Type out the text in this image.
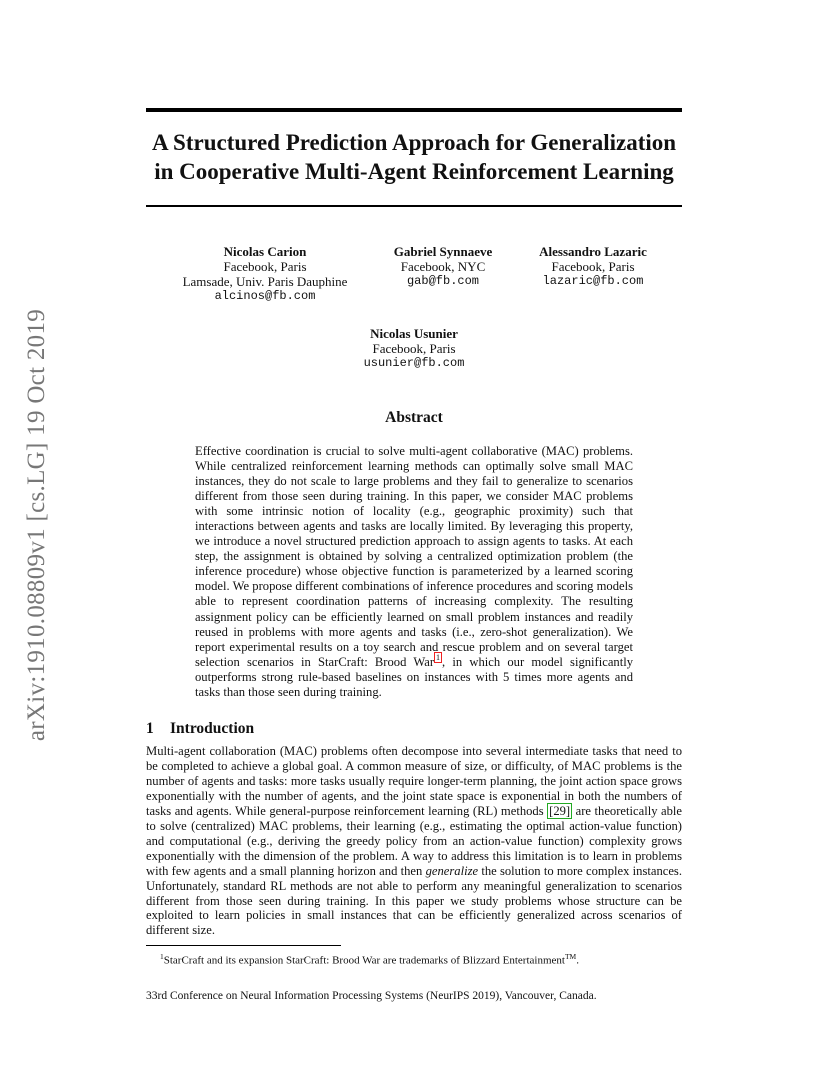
arXiv:1910.08809v1 [cs.LG] 19 Oct 2019
A Structured Prediction Approach for Generalization
in Cooperative Multi-Agent Reinforcement Learning
Nicolas Carion
Facebook, Paris
Lamsade, Univ. Paris Dauphine
alcinos@fb.com
Gabriel Synnaeve
Facebook, NYC
gab@fb.com
Alessandro Lazaric
Facebook, Paris
lazaric@fb.com
Nicolas Usunier
Facebook, Paris
usunier@fb.com
Abstract
Effective coordination is crucial to solve multi-agent collaborative (MAC) problems. While centralized reinforcement learning methods can optimally solve small MAC instances, they do not scale to large problems and they fail to generalize to scenarios different from those seen during training. In this paper, we consider MAC problems with some intrinsic notion of locality (e.g., geographic proximity) such that interactions between agents and tasks are locally limited. By leveraging this property, we introduce a novel structured prediction approach to assign agents to tasks. At each step, the assignment is obtained by solving a centralized optimization problem (the inference procedure) whose objective function is parameterized by a learned scoring model. We propose different combinations of inference procedures and scoring models able to represent coordination patterns of increasing complexity. The resulting assignment policy can be efficiently learned on small problem instances and readily reused in problems with more agents and tasks (i.e., zero-shot generalization). We report experimental results on a toy search and rescue problem and on several target selection scenarios in StarCraft: Brood War $^1$ , in which our model significantly outperforms strong rule-based baselines on instances with 5 times more agents and tasks than those seen during training.
1 Introduction
Multi-agent collaboration (MAC) problems often decompose into several intermediate tasks that need to be completed to achieve a global goal. A common measure of size, or difficulty, of MAC problems is the number of agents and tasks: more tasks usually require longer-term planning, the joint action space grows exponentially with the number of agents, and the joint state space is exponential in both the numbers of tasks and agents. While general-purpose reinforcement learning (RL) methods [29] are theoretically able to solve (centralized) MAC problems, their learning (e.g., estimating the optimal action-value function) and computational (e.g., deriving the greedy policy from an action-value function) complexity grows exponentially with the dimension of the problem. A way to address this limitation is to learn in problems with few agents and a small planning horizon and then generalize the solution to more complex instances. Unfortunately, standard RL methods are not able to perform any meaningful generalization to scenarios different from those seen during training. In this paper we study problems whose structure can be exploited to learn policies in small instances that can be efficiently generalized across scenarios of different size.
$^1$StarCraft and its expansion StarCraft: Brood War are trademarks of Blizzard Entertainment™.
33rd Conference on Neural Information Processing Systems (NeurIPS 2019), Vancouver, Canada.
